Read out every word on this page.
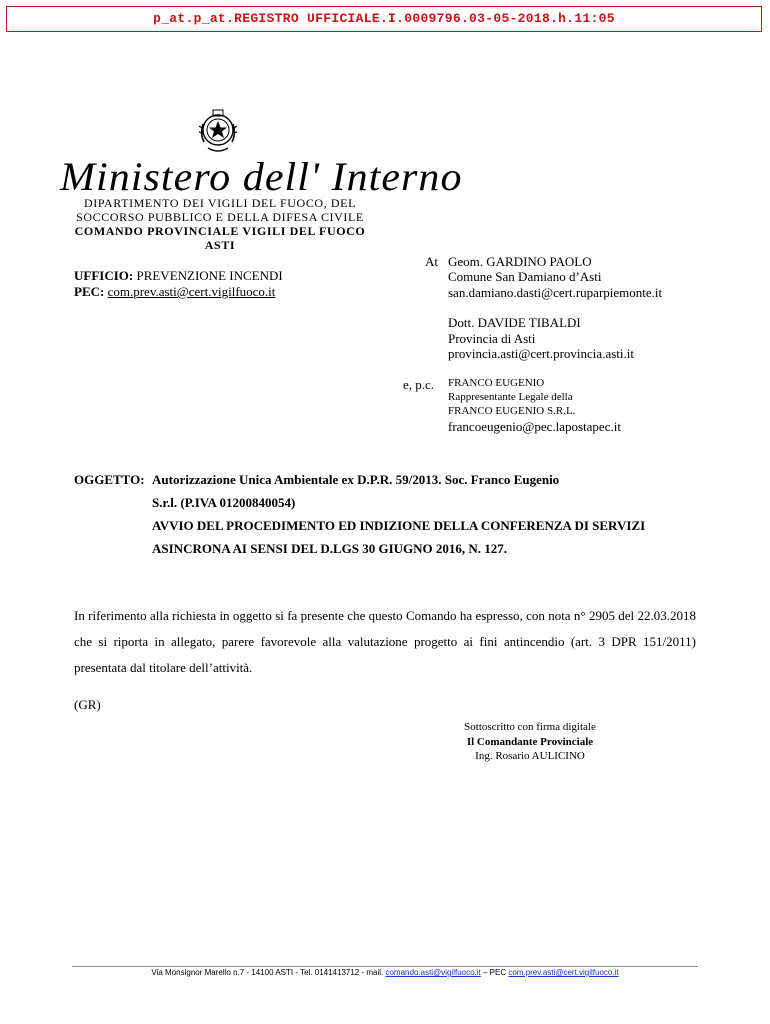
p_at.p_at.REGISTRO UFFICIALE.I.0009796.03-05-2018.h.11:05
Ministero dell' Interno
DIPARTIMENTO DEI VIGILI DEL FUOCO, DEL
SOCCORSO PUBBLICO E DELLA DIFESA CIVILE
COMANDO PROVINCIALE VIGILI DEL FUOCO
ASTI
UFFICIO: PREVENZIONE INCENDI
PEC: com.prev.asti@cert.vigilfuoco.it
At Geom. GARDINO PAOLO
Comune San Damiano d’Asti
san.damiano.dasti@cert.ruparpiemonte.it
Dott. DAVIDE TIBALDI
Provincia di Asti
provincia.asti@cert.provincia.asti.it
e, p.c. FRANCO EUGENIO
Rappresentante Legale della
FRANCO EUGENIO S.R.L.
francoeugenio@pec.lapostapec.it
OGGETTO: Autorizzazione Unica Ambientale ex D.P.R. 59/2013. Soc. Franco Eugenio
S.r.l. (P.IVA 01200840054)
AVVIO DEL PROCEDIMENTO ED INDIZIONE DELLA CONFERENZA DI SERVIZI
ASINCRONA AI SENSI DEL D.LGS 30 GIUGNO 2016, N. 127.
In riferimento alla richiesta in oggetto si fa presente che questo Comando ha espresso, con nota n° 2905 del 22.03.2018 che si riporta in allegato, parere favorevole alla valutazione progetto ai fini antincendio (art. 3 DPR 151/2011) presentata dal titolare dell’attività.
(GR)
Sottoscritto con firma digitale
Il Comandante Provinciale
Ing. Rosario AULICINO
Via Monsignor Marello n.7 - 14100 ASTI - Tel. 0141413712 - mail. comando.asti@vigilfuoco.it – PEC com.prev.asti@cert.vigilfuoco.it
